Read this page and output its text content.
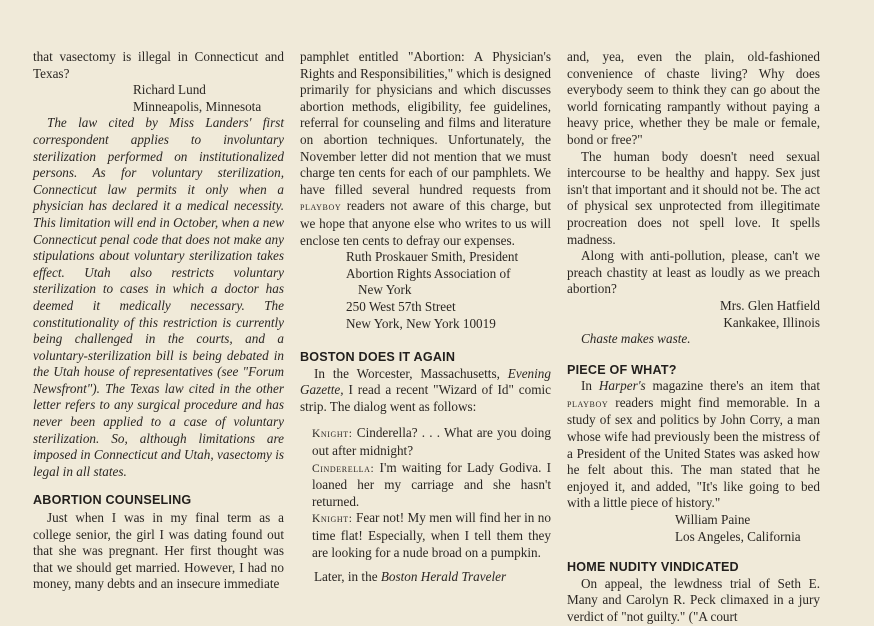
that vasectomy is illegal in Connecticut and Texas?

Richard Lund

Minneapolis, Minnesota

The law cited by Miss Landers' first correspondent applies to involuntary sterilization performed on institutionalized persons. As for voluntary sterilization, Connecticut law permits it only when a physician has declared it a medical necessity. This limitation will end in October, when a new Connecticut penal code that does not make any stipulations about voluntary sterilization takes effect. Utah also restricts voluntary sterilization to cases in which a doctor has deemed it medically necessary. The constitutionality of this restriction is currently being challenged in the courts, and a voluntary-sterilization bill is being debated in the Utah house of representatives (see "Forum Newsfront"). The Texas law cited in the other letter refers to any surgical procedure and has never been applied to a case of voluntary sterilization. So, although limitations are imposed in Connecticut and Utah, vasectomy is legal in all states.

ABORTION COUNSELING

Just when I was in my final term as a college senior, the girl I was dating found out that she was pregnant. Her first thought was that we should get married. However, I had no money, many debts and an insecure immediate

pamphlet entitled "Abortion: A Physician's Rights and Responsibilities," which is designed primarily for physicians and which discusses abortion methods, eligibility, fee guidelines, referral for counseling and films and literature on abortion techniques. Unfortunately, the November letter did not mention that we must charge ten cents for each of our pamphlets. We have filled several hundred requests from playboy readers not aware of this charge, but we hope that anyone else who writes to us will enclose ten cents to defray our expenses.

Ruth Proskauer Smith, President

Abortion Rights Association of

New York

250 West 57th Street

New York, New York 10019

BOSTON DOES IT AGAIN

In the Worcester, Massachusetts, Evening Gazette, I read a recent "Wizard of Id" comic strip. The dialog went as follows:

Knight: Cinderella? . . . What are you doing out after midnight?

Cinderella: I'm waiting for Lady Godiva. I loaned her my carriage and she hasn't returned.

Knight: Fear not! My men will find her in no time flat! Especially, when I tell them they are looking for a nude broad on a pumpkin.

Later, in the Boston Herald Traveler

and, yea, even the plain, old-fashioned convenience of chaste living? Why does everybody seem to think they can go about the world fornicating rampantly without paying a heavy price, whether they be male or female, bond or free?"

The human body doesn't need sexual intercourse to be healthy and happy. Sex just isn't that important and it should not be. The act of physical sex unprotected from illegitimate procreation does not spell love. It spells madness.

Along with anti-pollution, please, can't we preach chastity at least as loudly as we preach abortion?

Mrs. Glen Hatfield

Kankakee, Illinois

Chaste makes waste.

PIECE OF WHAT?

In Harper's magazine there's an item that playboy readers might find memorable. In a study of sex and politics by John Corry, a man whose wife had previously been the mistress of a President of the United States was asked how he felt about this. The man stated that he enjoyed it, and added, "It's like going to bed with a little piece of history."

William Paine

Los Angeles, California

HOME NUDITY VINDICATED

On appeal, the lewdness trial of Seth E. Many and Carolyn R. Peck climaxed in a jury verdict of "not guilty." ("A court
